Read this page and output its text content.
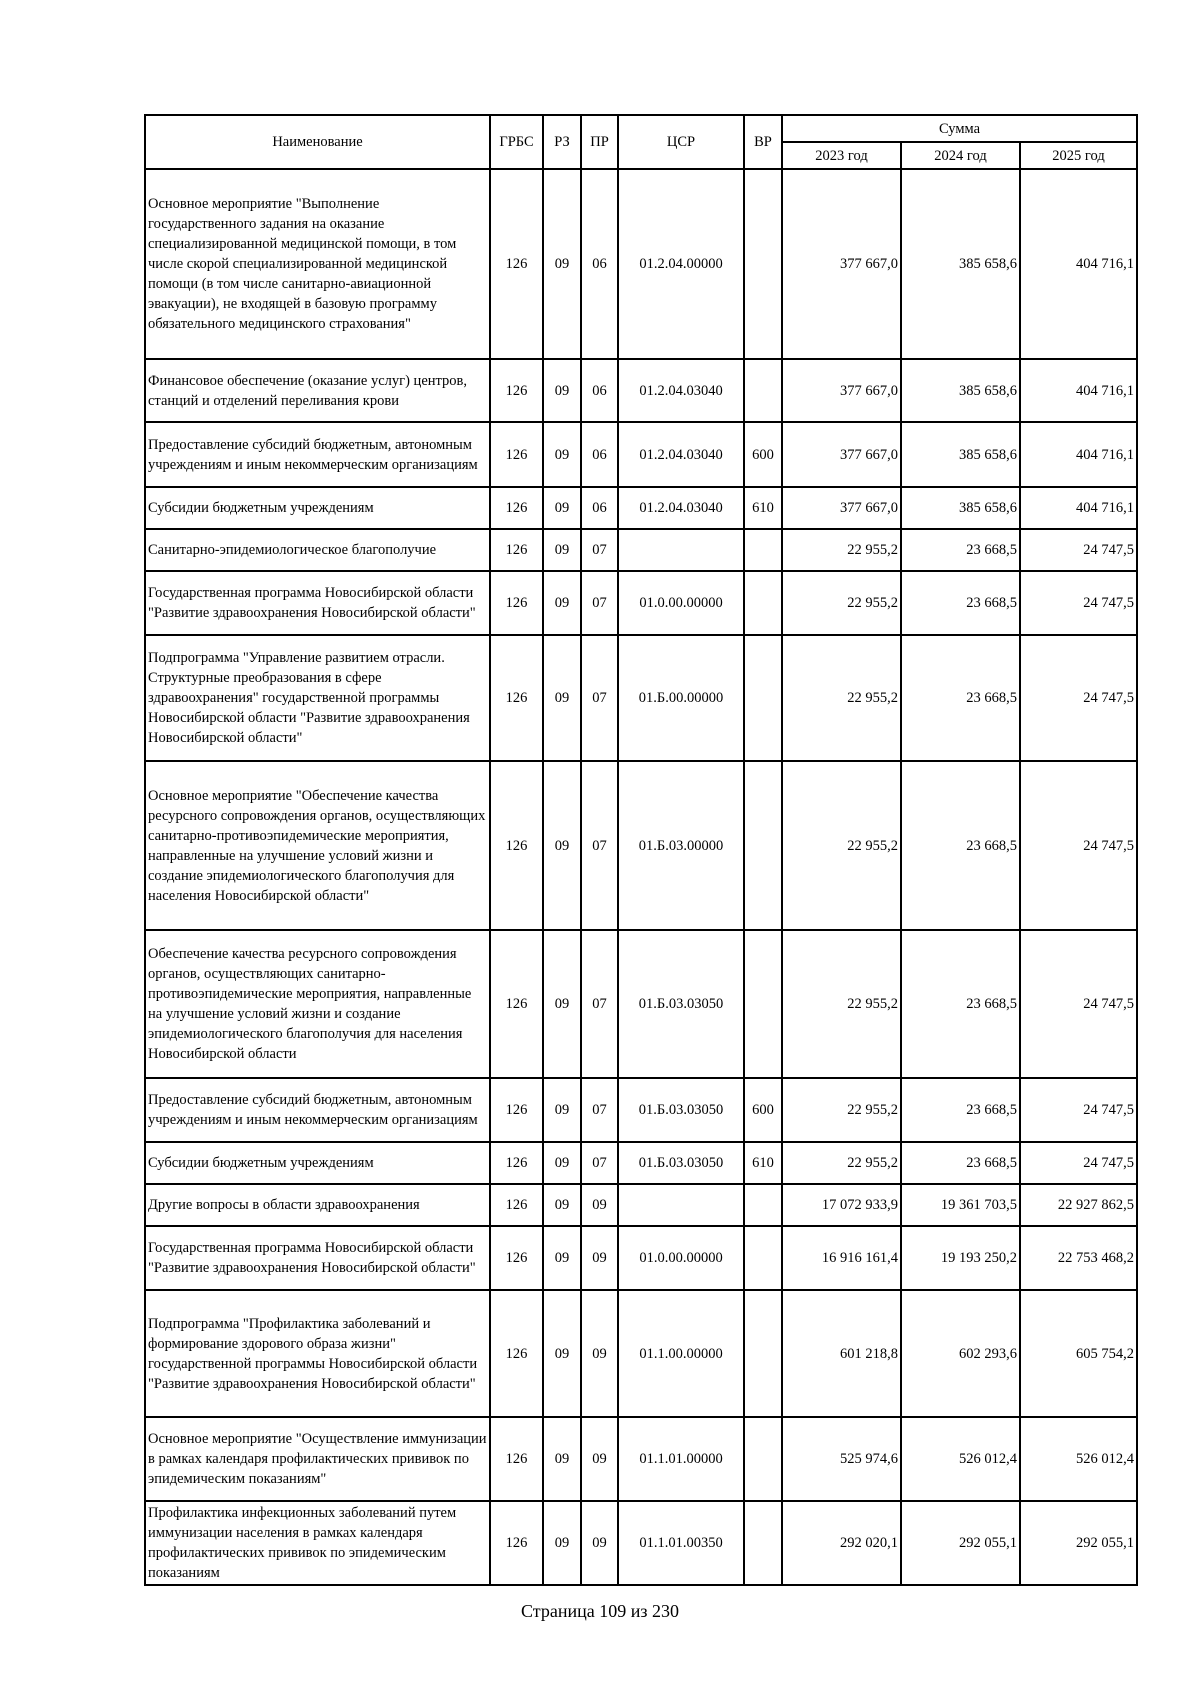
Наименование	ГРБС	РЗ	ПР	ЦСР	ВР	Сумма		
						2023 год	2024 год	2025 год
Основное мероприятие "Выполнение государственного задания на оказание специализированной медицинской помощи, в том числе скорой специализированной медицинской помощи (в том числе санитарно-авиационной эвакуации), не входящей в базовую программу обязательного медицинского страхования"	126	09	06	01.2.04.00000		377 667,0	385 658,6	404 716,1
Финансовое обеспечение (оказание услуг) центров, станций и отделений переливания крови	126	09	06	01.2.04.03040		377 667,0	385 658,6	404 716,1
Предоставление субсидий бюджетным, автономным учреждениям и иным некоммерческим организациям	126	09	06	01.2.04.03040	600	377 667,0	385 658,6	404 716,1
Субсидии бюджетным учреждениям	126	09	06	01.2.04.03040	610	377 667,0	385 658,6	404 716,1
Санитарно-эпидемиологическое благополучие	126	09	07			22 955,2	23 668,5	24 747,5
Государственная программа Новосибирской области "Развитие здравоохранения Новосибирской области"	126	09	07	01.0.00.00000		22 955,2	23 668,5	24 747,5
Подпрограмма "Управление развитием отрасли. Структурные преобразования в сфере здравоохранения" государственной программы Новосибирской области "Развитие здравоохранения Новосибирской области"	126	09	07	01.Б.00.00000		22 955,2	23 668,5	24 747,5
Основное мероприятие "Обеспечение качества ресурсного сопровождения органов, осуществляющих санитарно-противоэпидемические мероприятия, направленные на улучшение условий жизни и создание эпидемиологического благополучия для населения Новосибирской области"	126	09	07	01.Б.03.00000		22 955,2	23 668,5	24 747,5
Обеспечение качества ресурсного сопровождения органов, осуществляющих санитарно-противоэпидемические мероприятия, направленные на улучшение условий жизни и создание эпидемиологического благополучия для населения Новосибирской области	126	09	07	01.Б.03.03050		22 955,2	23 668,5	24 747,5
Предоставление субсидий бюджетным, автономным учреждениям и иным некоммерческим организациям	126	09	07	01.Б.03.03050	600	22 955,2	23 668,5	24 747,5
Субсидии бюджетным учреждениям	126	09	07	01.Б.03.03050	610	22 955,2	23 668,5	24 747,5
Другие вопросы в области здравоохранения	126	09	09			17 072 933,9	19 361 703,5	22 927 862,5
Государственная программа Новосибирской области "Развитие здравоохранения Новосибирской области"	126	09	09	01.0.00.00000		16 916 161,4	19 193 250,2	22 753 468,2
Подпрограмма "Профилактика заболеваний и формирование здорового образа жизни" государственной программы Новосибирской области "Развитие здравоохранения Новосибирской области"	126	09	09	01.1.00.00000		601 218,8	602 293,6	605 754,2
Основное мероприятие "Осуществление иммунизации в рамках календаря профилактических прививок по эпидемическим показаниям"	126	09	09	01.1.01.00000		525 974,6	526 012,4	526 012,4
Профилактика инфекционных заболеваний путем иммунизации населения в рамках календаря профилактических прививок по эпидемическим показаниям	126	09	09	01.1.01.00350		292 020,1	292 055,1	292 055,1
Страница 109 из 230
